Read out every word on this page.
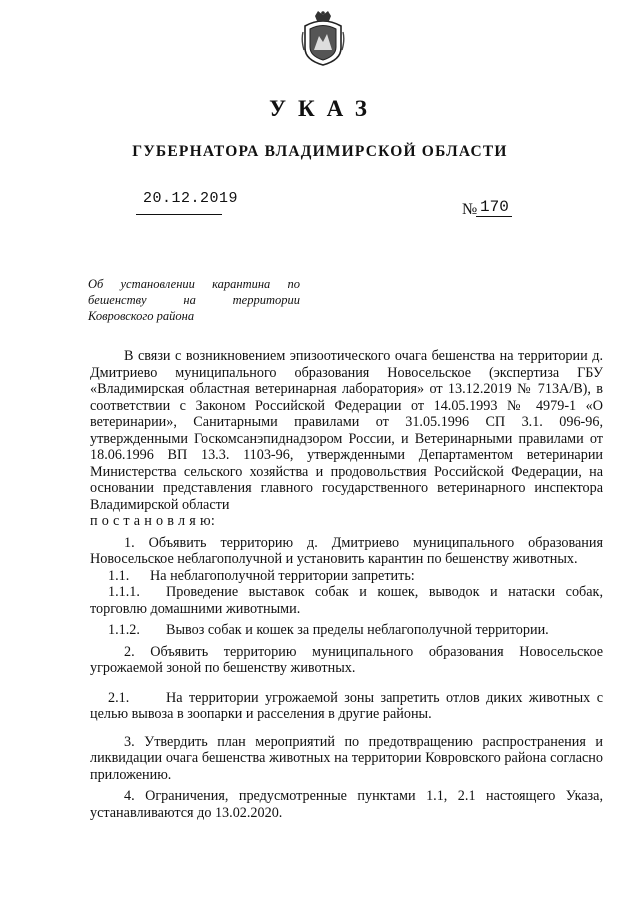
УКАЗ
ГУБЕРНАТОРА ВЛАДИМИРСКОЙ ОБЛАСТИ
20.12.2019
№ 170
Об установлении карантина по
бешенству	на	территории
Ковровского района

В связи с возникновением эпизоотического очага бешенства на территории д. Дмитриево муниципального образования Новосельское (экспертиза ГБУ «Владимирская областная ветеринарная лаборатория» от 13.12.2019 № 713А/В), в соответствии с Законом Российской Федерации от 14.05.1993 № 4979-1 «О ветеринарии», Санитарными правилами от 31.05.1996 СП 3.1. 096-96, утвержденными Госкомсанэпиднадзором России, и Ветеринарными правилами от 18.06.1996 ВП 13.3. 1103-96, утвержденными Департаментом ветеринарии Министерства сельского хозяйства и продовольствия Российской Федерации, на основании представления главного государственного ветеринарного инспектора Владимирской области

п о с т а н о в л я ю:

1. Объявить территорию д. Дмитриево муниципального образования Новосельское неблагополучной и установить карантин по бешенству животных.

1.1.	На неблагополучной территории запретить:

1.1.1. Проведение выставок собак и кошек, выводок и натаски собак, торговлю домашними животными.

1.1.2.	Вывоз собак и кошек за пределы неблагополучной территории.

2. Объявить территорию муниципального образования Новосельское угрожаемой зоной по бешенству животных.

2.1.	На территории угрожаемой зоны запретить отлов диких животных с целью вывоза в зоопарки и расселения в другие районы.

3. Утвердить план мероприятий по предотвращению распространения и ликвидации очага бешенства животных на территории Ковровского района согласно приложению.

4. Ограничения, предусмотренные пунктами 1.1, 2.1 настоящего Указа, устанавливаются до 13.02.2020.
